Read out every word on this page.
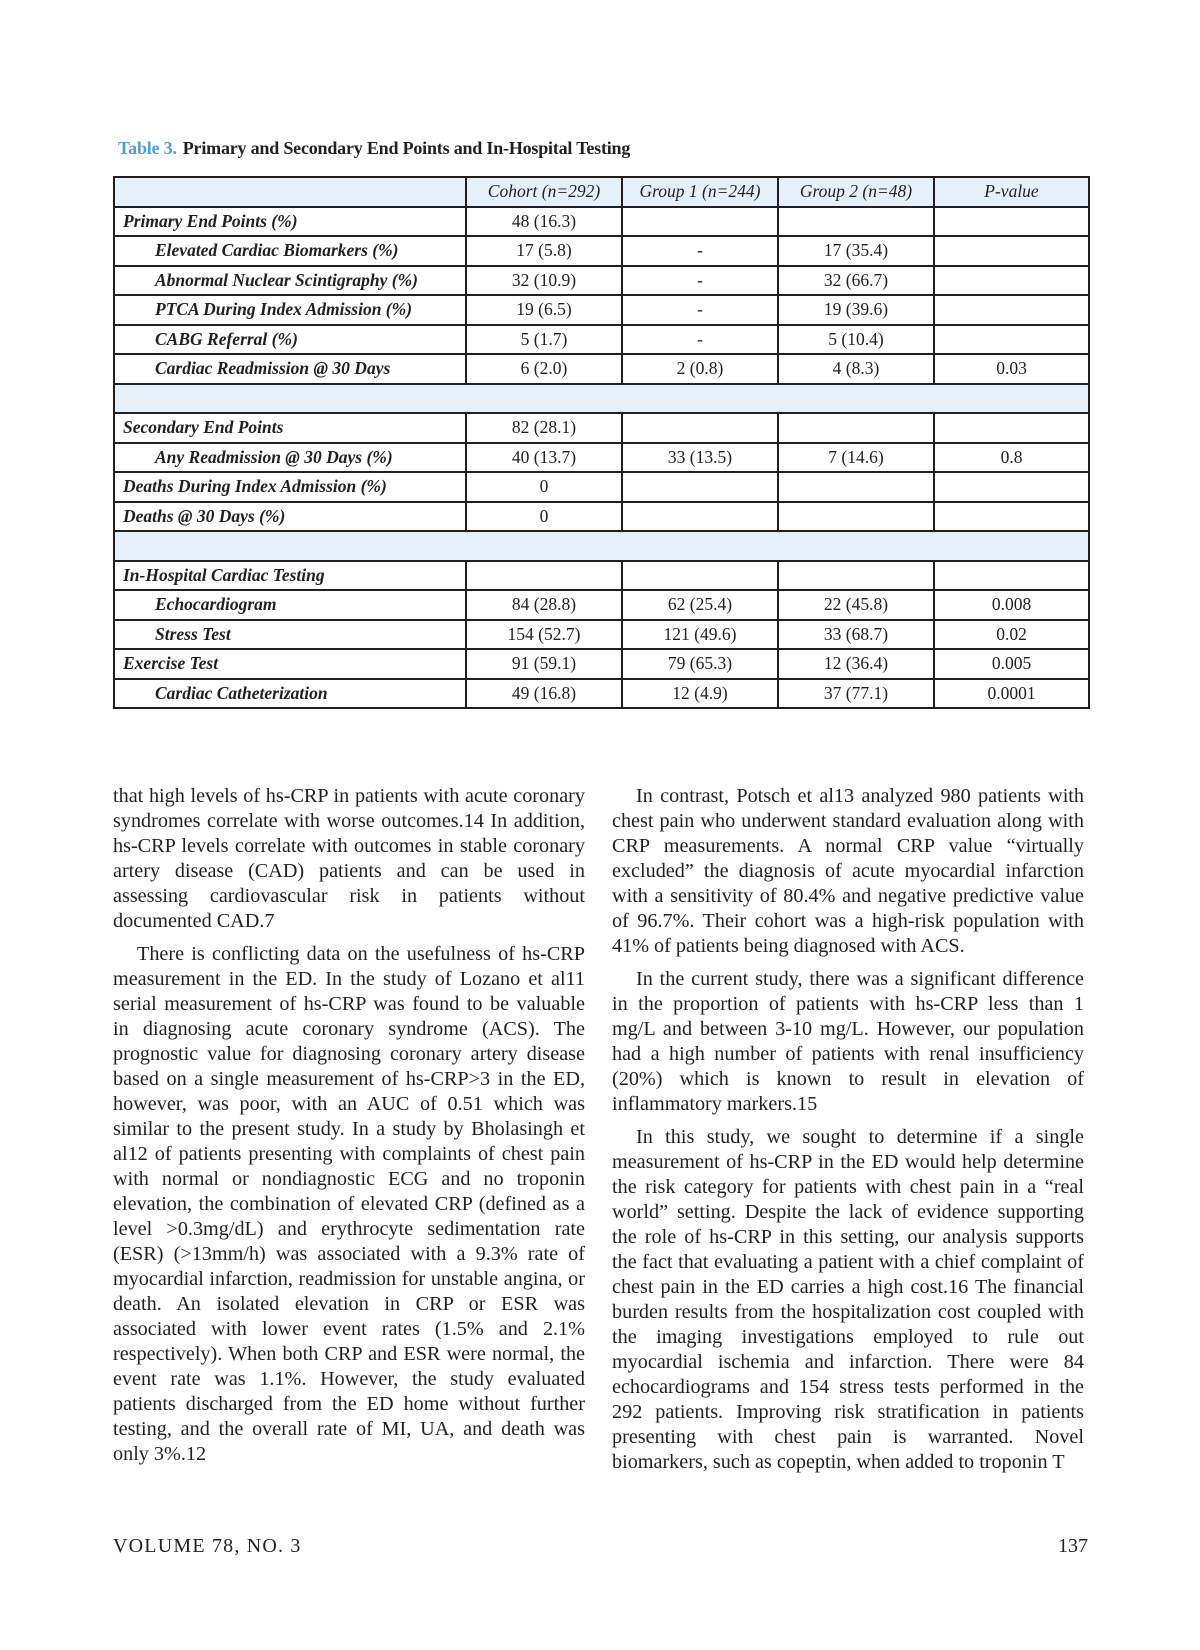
Table 3. Primary and Secondary End Points and In-Hospital Testing
	Cohort (n=292)	Group 1 (n=244)	Group 2 (n=48)	P-value
Primary End Points (%)	48 (16.3)			
Elevated Cardiac Biomarkers (%)	17 (5.8)	-	17 (35.4)	
Abnormal Nuclear Scintigraphy (%)	32 (10.9)	-	32 (66.7)	
PTCA During Index Admission (%)	19 (6.5)	-	19 (39.6)	
CABG Referral (%)	5 (1.7)	-	5 (10.4)	
Cardiac Readmission @ 30 Days	6 (2.0)	2 (0.8)	4 (8.3)	0.03

Secondary End Points	82 (28.1)			
Any Readmission @ 30 Days (%)	40 (13.7)	33 (13.5)	7 (14.6)	0.8
Deaths During Index Admission (%)	0			
Deaths @ 30 Days (%)	0			

In-Hospital Cardiac Testing				
Echocardiogram	84 (28.8)	62 (25.4)	22 (45.8)	0.008
Stress Test	154 (52.7)	121 (49.6)	33 (68.7)	0.02
Exercise Test	91 (59.1)	79 (65.3)	12 (36.4)	0.005
Cardiac Catheterization	49 (16.8)	12 (4.9)	37 (77.1)	0.0001

that high levels of hs-CRP in patients with acute coronary syndromes correlate with worse outcomes.14 In addition, hs-CRP levels correlate with outcomes in stable coronary artery disease (CAD) patients and can be used in assessing cardiovascular risk in patients without documented CAD.7

There is conflicting data on the usefulness of hs-CRP measurement in the ED. In the study of Lozano et al11 serial measurement of hs-CRP was found to be valuable in diagnosing acute coronary syndrome (ACS). The prognostic value for diagnosing coronary artery disease based on a single measurement of hs-CRP>3 in the ED, however, was poor, with an AUC of 0.51 which was similar to the present study. In a study by Bholasingh et al12 of patients presenting with complaints of chest pain with normal or nondiagnostic ECG and no troponin elevation, the combination of elevated CRP (defined as a level >0.3mg/dL) and erythrocyte sedimentation rate (ESR) (>13mm/h) was associated with a 9.3% rate of myocardial infarction, readmission for unstable angina, or death. An isolated elevation in CRP or ESR was associated with lower event rates (1.5% and 2.1% respectively). When both CRP and ESR were normal, the event rate was 1.1%. However, the study evaluated patients discharged from the ED home without further testing, and the overall rate of MI, UA, and death was only 3%.12

In contrast, Potsch et al13 analyzed 980 patients with chest pain who underwent standard evaluation along with CRP measurements. A normal CRP value “virtually excluded” the diagnosis of acute myocardial infarction with a sensitivity of 80.4% and negative predictive value of 96.7%. Their cohort was a high-risk population with 41% of patients being diagnosed with ACS.

In the current study, there was a significant difference in the proportion of patients with hs-CRP less than 1 mg/L and between 3-10 mg/L. However, our population had a high number of patients with renal insufficiency (20%) which is known to result in elevation of inflammatory markers.15

In this study, we sought to determine if a single measurement of hs-CRP in the ED would help determine the risk category for patients with chest pain in a “real world” setting. Despite the lack of evidence supporting the role of hs-CRP in this setting, our analysis supports the fact that evaluating a patient with a chief complaint of chest pain in the ED carries a high cost.16 The financial burden results from the hospitalization cost coupled with the imaging investigations employed to rule out myocardial ischemia and infarction. There were 84 echocardiograms and 154 stress tests performed in the 292 patients. Improving risk stratification in patients presenting with chest pain is warranted. Novel biomarkers, such as copeptin, when added to troponin T

VOLUME 78, NO. 3	137
